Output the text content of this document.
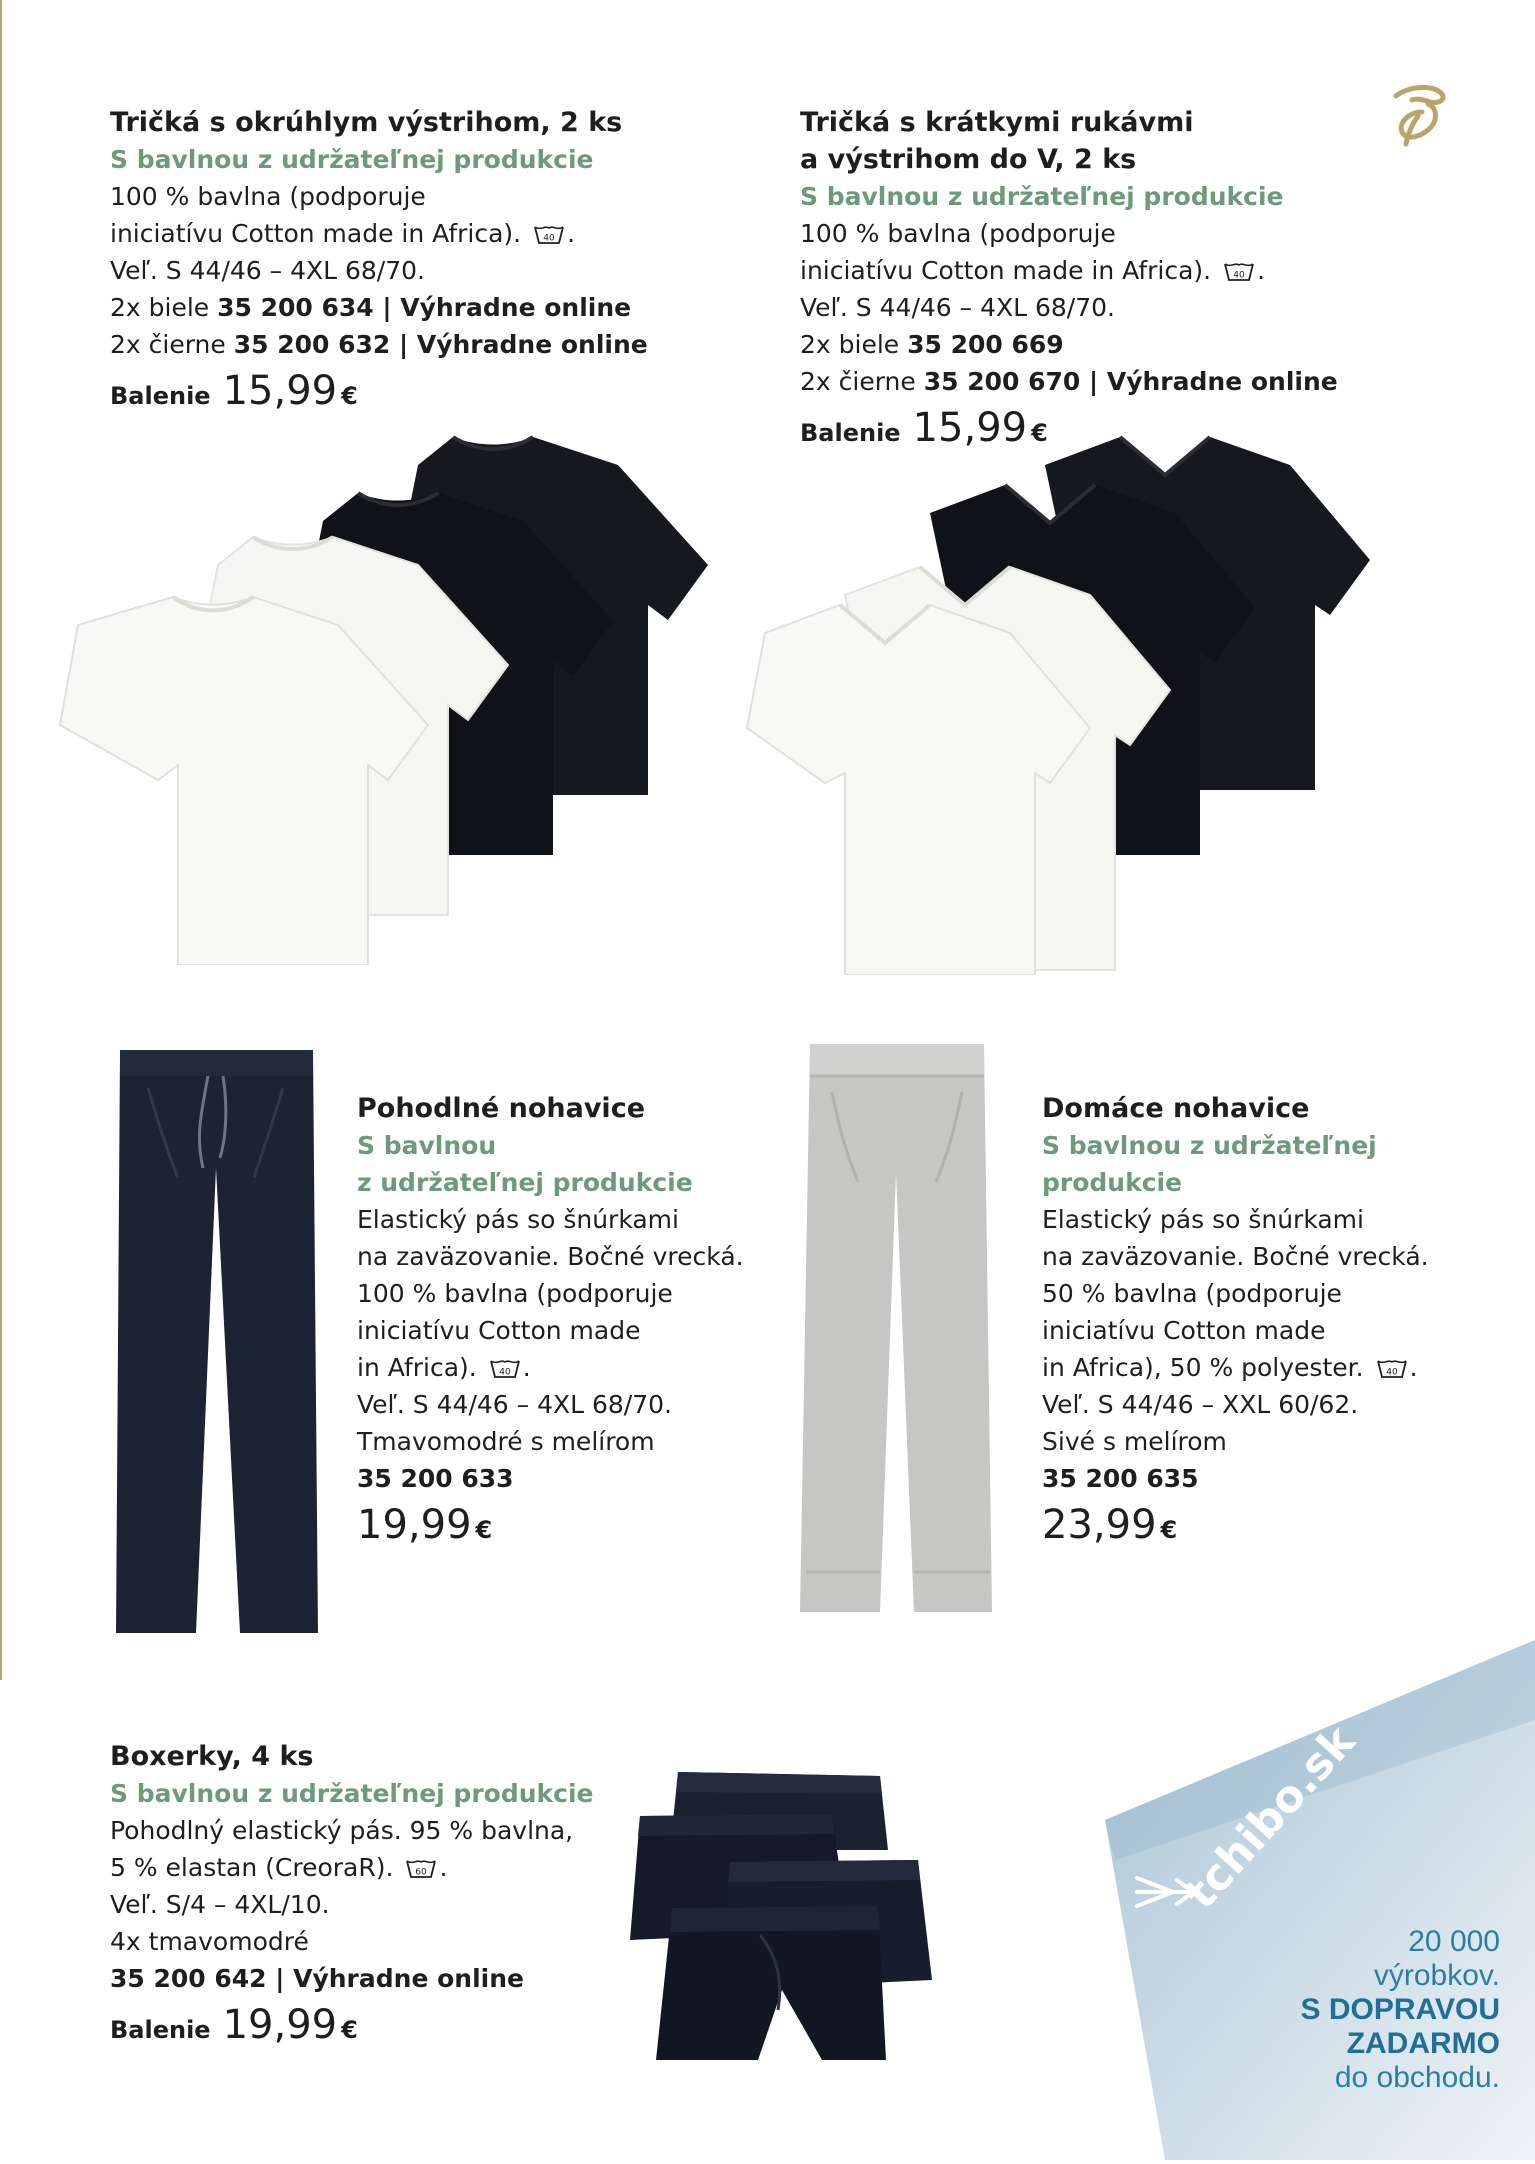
Tričká s okrúhlym výstrihom, 2 ks
S bavlnou z udržateľnej produkcie
100 % bavlna (podporuje
iniciatívu Cotton made in Africa). 40 .
Veľ. S 44/46 – 4XL 68/70.
2x biele 35 200 634 | Výhradne online
2x čierne 35 200 632 | Výhradne online
Balenie 15,99 €
Tričká s krátkymi rukávmi
a výstrihom do V, 2 ks
S bavlnou z udržateľnej produkcie
100 % bavlna (podporuje
iniciatívu Cotton made in Africa). 40 .
Veľ. S 44/46 – 4XL 68/70.
2x biele 35 200 669
2x čierne 35 200 670 | Výhradne online
Balenie 15,99 €
Pohodlné nohavice
S bavlnou
z udržateľnej produkcie
Elastický pás so šnúrkami
na zaväzovanie. Bočné vrecká.
100 % bavlna (podporuje
iniciatívu Cotton made
in Africa). 40 .
Veľ. S 44/46 – 4XL 68/70.
Tmavomodré s melírom
35 200 633
19,99 €
Domáce nohavice
S bavlnou z udržateľnej
produkcie
Elastický pás so šnúrkami
na zaväzovanie. Bočné vrecká.
50 % bavlna (podporuje
iniciatívu Cotton made
in Africa), 50 % polyester. 40 .
Veľ. S 44/46 – XXL 60/62.
Sivé s melírom
35 200 635
23,99 €
Boxerky, 4 ks
S bavlnou z udržateľnej produkcie
Pohodlný elastický pás. 95 % bavlna,
5 % elastan (CreoraR). 60 .
Veľ. S/4 – 4XL/10.
4x tmavomodré
35 200 642 | Výhradne online
Balenie 19,99 €
tchibo.sk
20 000
výrobkov.
S DOPRAVOU
ZADARMO
do obchodu.
